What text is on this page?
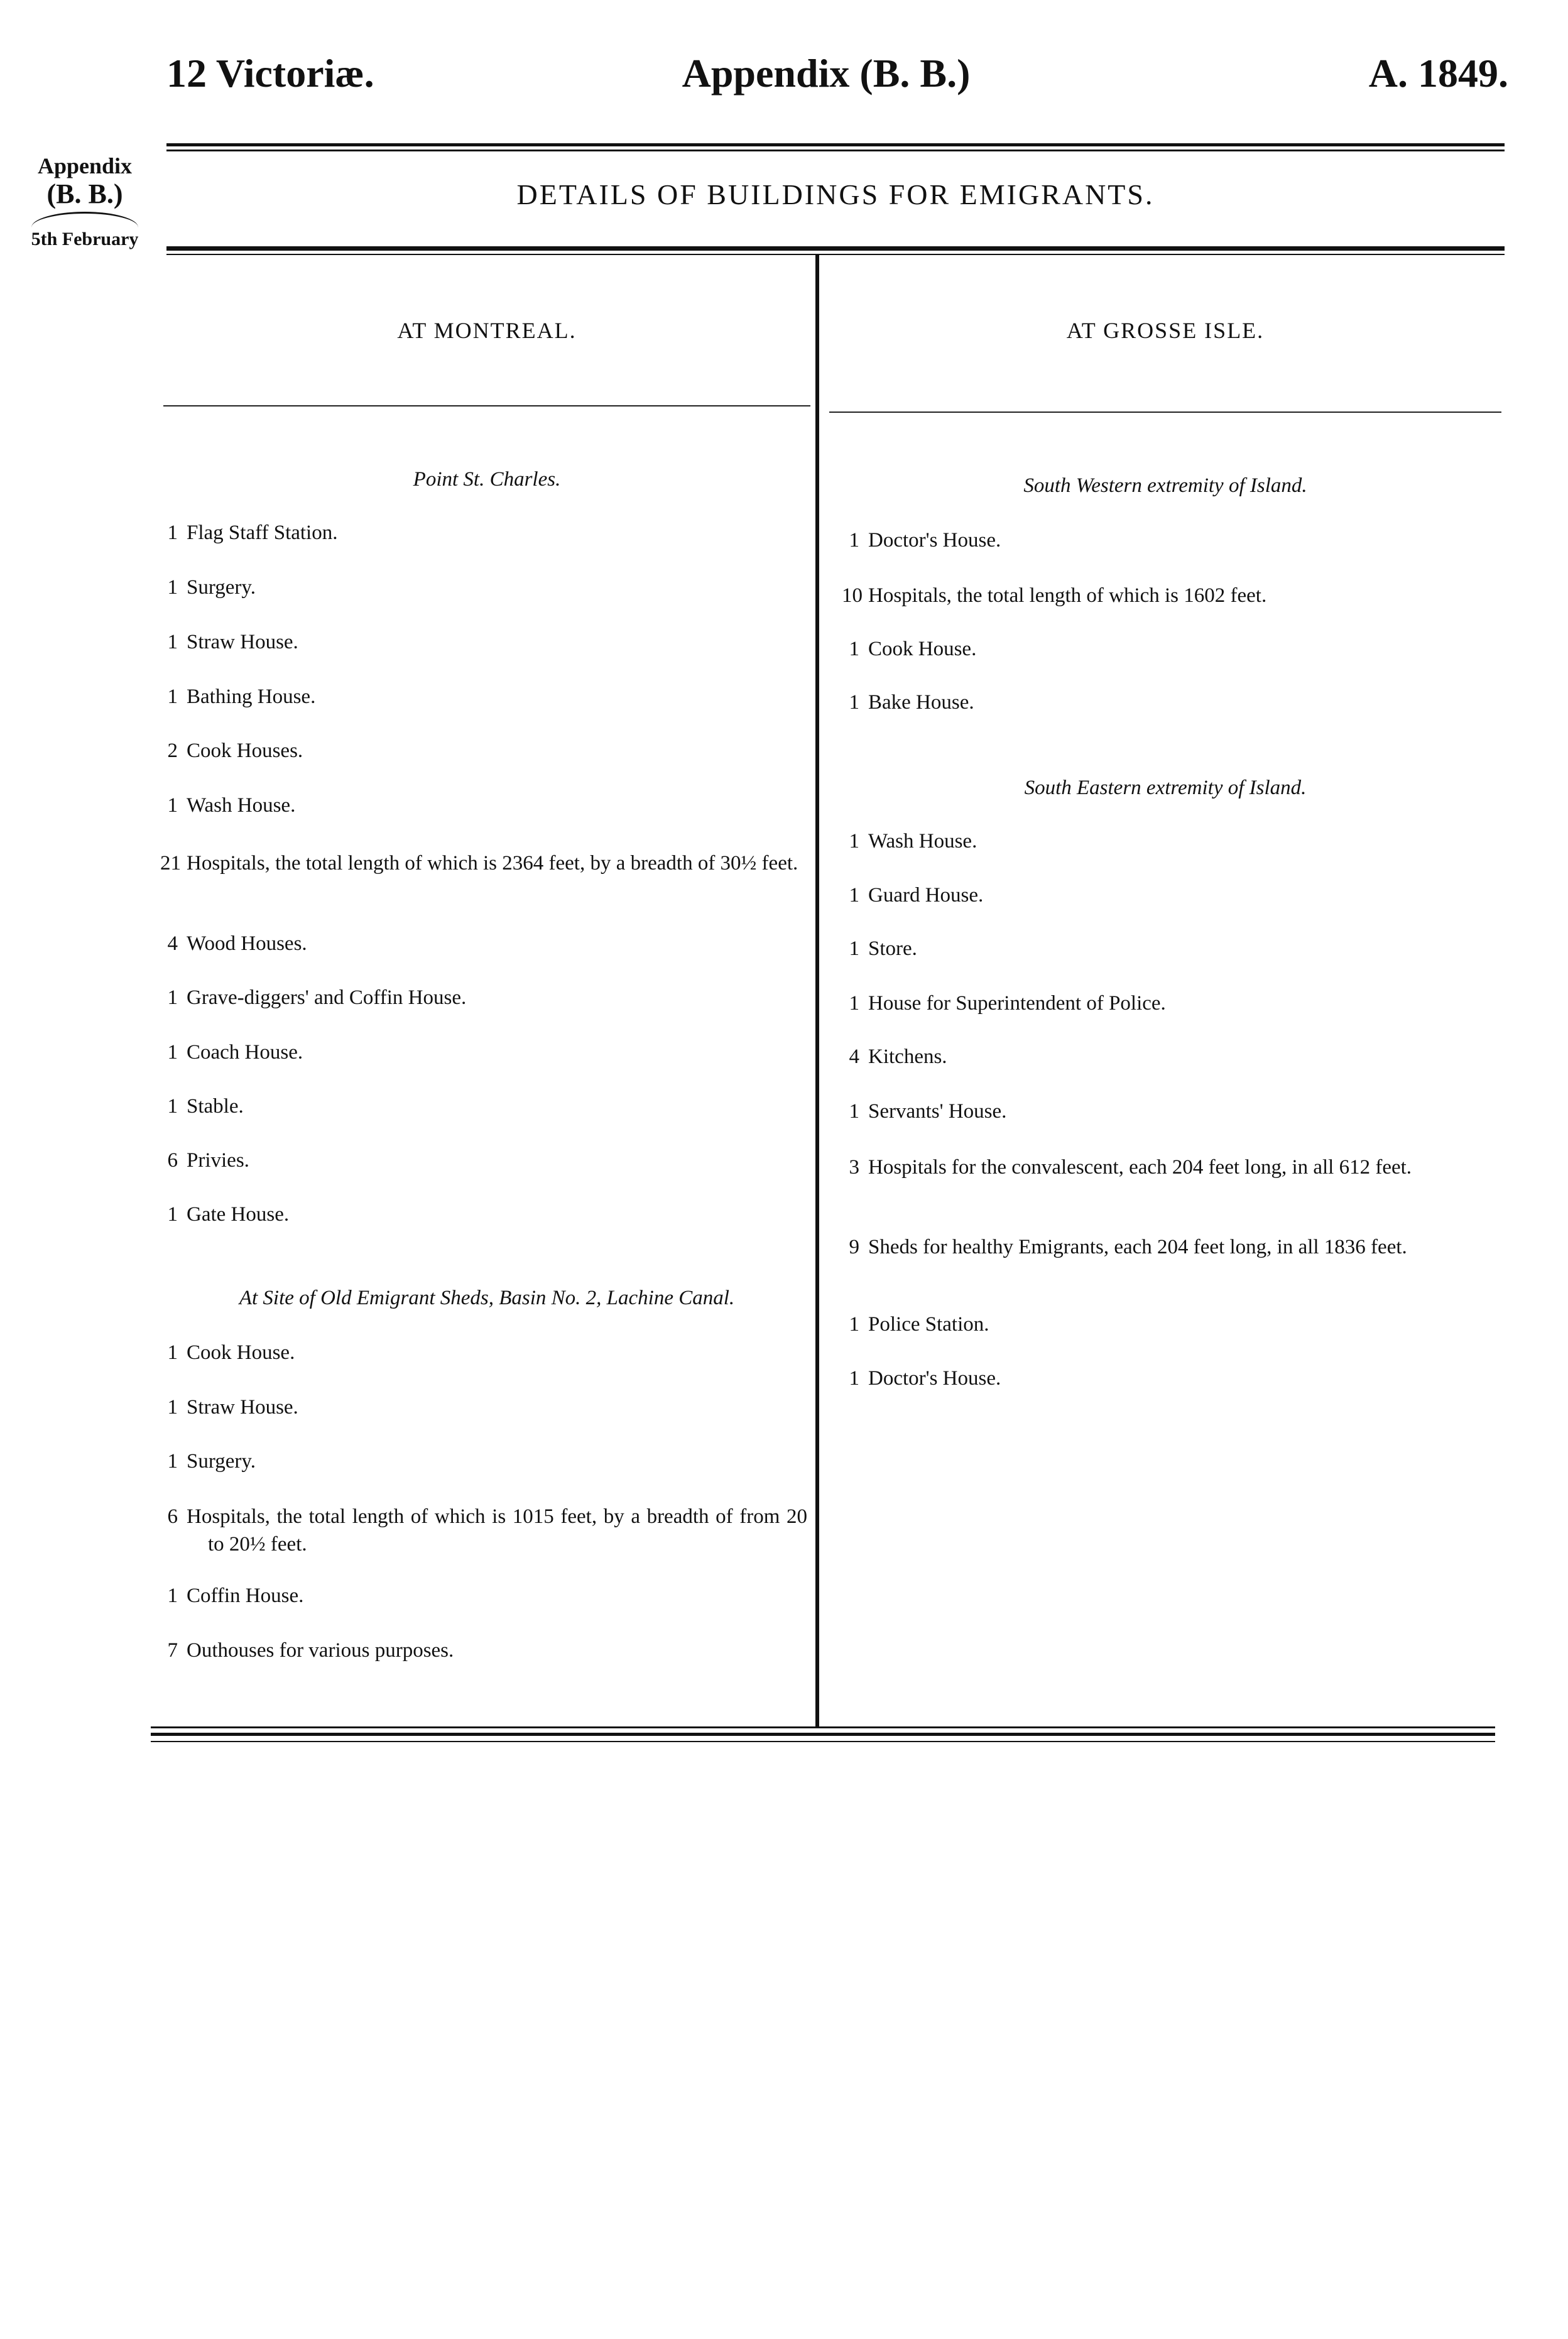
12 Victoriæ.	Appendix (B. B.)	A. 1849.
Appendix
(B. B.)
5th February
DETAILS OF BUILDINGS FOR EMIGRANTS.
AT MONTREAL.	AT GROSSE ISLE.
Point St. Charles.
1 Flag Staff Station.
1 Surgery.
1 Straw House.
1 Bathing House.
2 Cook Houses.
1 Wash House.
21 Hospitals, the total length of which is 2364 feet, by a breadth of 30½ feet.
4 Wood Houses.
1 Grave-diggers' and Coffin House.
1 Coach House.
1 Stable.
6 Privies.
1 Gate House.
At Site of Old Emigrant Sheds, Basin No. 2, Lachine Canal.
1 Cook House.
1 Straw House.
1 Surgery.
6 Hospitals, the total length of which is 1015 feet, by a breadth of from 20 to 20½ feet.
1 Coffin House.
7 Outhouses for various purposes.
South Western extremity of Island.
1 Doctor's House.
10 Hospitals, the total length of which is 1602 feet.
1 Cook House.
1 Bake House.
South Eastern extremity of Island.
1 Wash House.
1 Guard House.
1 Store.
1 House for Superintendent of Police.
4 Kitchens.
1 Servants' House.
3 Hospitals for the convalescent, each 204 feet long, in all 612 feet.
9 Sheds for healthy Emigrants, each 204 feet long, in all 1836 feet.
1 Police Station.
1 Doctor's House.
